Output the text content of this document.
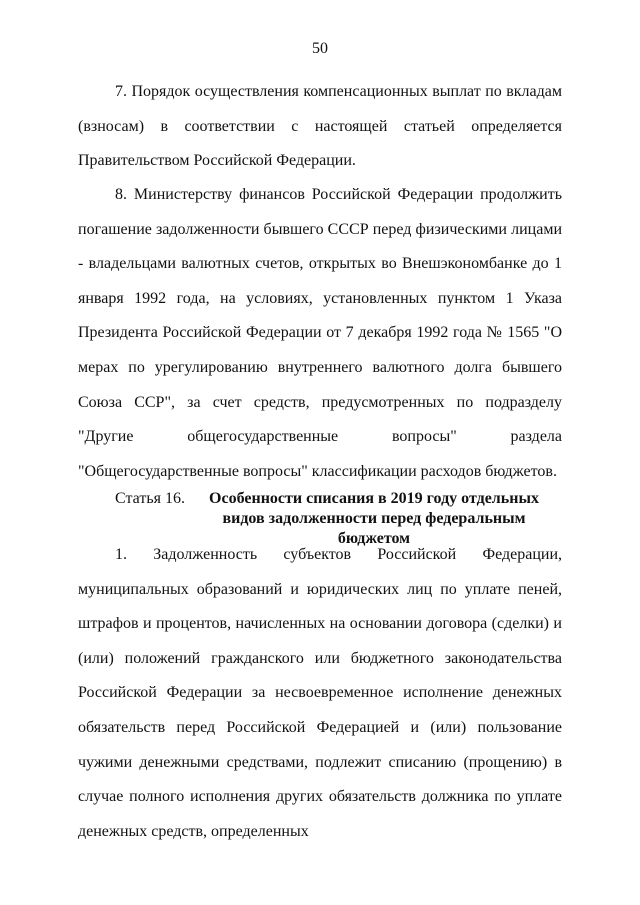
50

7. Порядок осуществления компенсационных выплат по вкладам (взносам) в соответствии с настоящей статьей определяется Правительством Российской Федерации.

8. Министерству финансов Российской Федерации продолжить погашение задолженности бывшего СССР перед физическими лицами - владельцами валютных счетов, открытых во Внешэкономбанке до 1 января 1992 года, на условиях, установленных пунктом 1 Указа Президента Российской Федерации от 7 декабря 1992 года № 1565 "О мерах по урегулированию внутреннего валютного долга бывшего Союза ССР", за счет средств, предусмотренных по подразделу "Другие общегосударственные вопросы" раздела "Общегосударственные вопросы" классификации расходов бюджетов.

Статья 16.	Особенности списания в 2019 году отдельных видов задолженности перед федеральным бюджетом

1. Задолженность субъектов Российской Федерации, муниципальных образований и юридических лиц по уплате пеней, штрафов и процентов, начисленных на основании договора (сделки) и (или) положений гражданского или бюджетного законодательства Российской Федерации за несвоевременное исполнение денежных обязательств перед Российской Федерацией и (или) пользование чужими денежными средствами, подлежит списанию (прощению) в случае полного исполнения других обязательств должника по уплате денежных средств, определенных
